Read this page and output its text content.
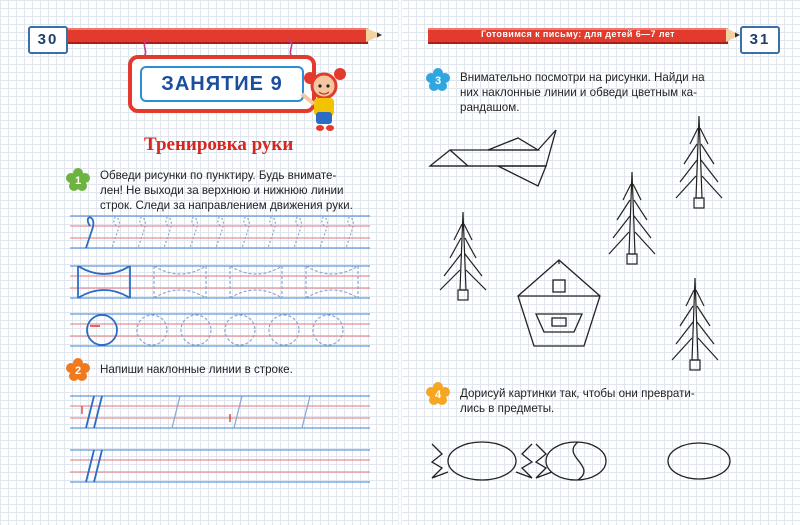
30
ЗАНЯТИЕ 9
Тренировка руки
1 Обведи рисунки по пунктиру. Будь внимате-

лен! Не выходи за верхнюю и нижнюю линии

строк. Следи за направлением движения руки.

2 Напиши наклонные линии в строке.

Готовимся к письму: для детей 6—7 лет	31
3 Внимательно посмотри на рисунки. Найди на

них наклонные линии и обведи цветным ка-

рандашом.

4 Дорисуй картинки так, чтобы они преврати-

лись в предметы.
